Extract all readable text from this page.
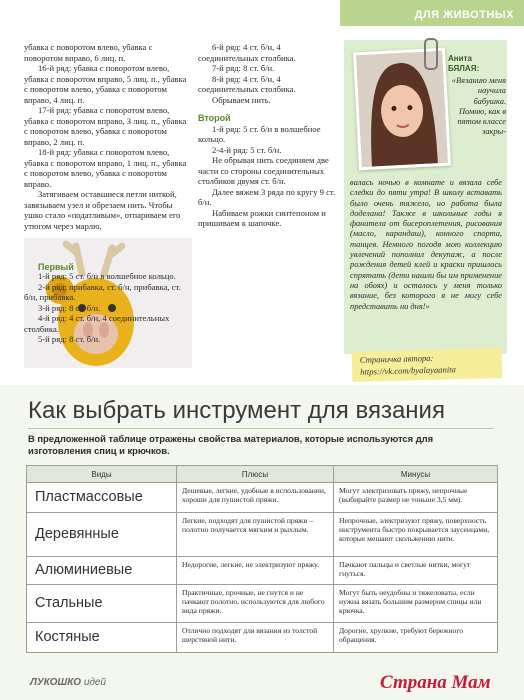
ДЛЯ ЖИВОТНЫХ

убавка с поворотом влево, убавка с поворотом вправо, 6 лиц. п.

16-й ряд: убавка с поворотом влево, убавка с поворотом вправо, 5 лиц. п., убавка с поворотом влево, убавка с поворотом вправо, 4 лиц. п.

17-й ряд: убавка с поворотом влево, убавка с поворотом вправо, 3 лиц. п., убавка с поворотом влево, убавка с поворотом вправо, 2 лиц. п.

18-й ряд: убавка с поворотом влево, убавка с поворотом вправо, 1 лиц. п., убавка с поворотом влево, убавка с поворотом вправо.

Затягиваем оставшиеся петли ниткой, завязываем узел и обрезаем нить. Чтобы ушко стало «податливым», отпариваем его утюгом через марлю.

Первый

1-й ряд: 5 ст. б/н в волшебное кольцо.

2-й ряд: прибавка, ст. б/н, прибавка, ст. б/н, прибавка.

3-й ряд: 8 ст. б/н.

4-й ряд: 4 ст. б/н, 4 соединительных столбика.

5-й ряд: 8 ст. б/н.

6-й ряд: 4 ст. б/н, 4 соединительных столбика.

7-й ряд: 8 ст. б/н.

8-й ряд: 4 ст. б/н, 4 соединительных столбика.

Обрываем нить.

Второй

1-й ряд: 5 ст. б/н в волшебное кольцо.

2-4-й ряд: 5 ст. б/н.

Не обрывая нить соединяем две части со стороны соединительных столбиков двумя ст. б/н.

Далее вяжем 3 ряда по кругу 9 ст. б/н.

Набиваем рожки синтепоном и пришиваем к шапочке.

Анита
БЯЛАЯ:
«Вязанию меня научила бабушка. Помню, как в пятом классе закры-
валась ночью в комнате и вязала себе следки до пяти утра! В школу вставать было очень тяжело, но работа была доделана! Также в школьные годы я фанатела от бисероплетения, рисования (масло, карандаш), конного спорта, танцев. Немного погодя мою коллекцию увлечений пополнил декупаж, а после рождения детей клей и краски пришлось спрятать (дети нашли бы им применение на обоях) и осталось у меня только вязание, без которого я не могу себе представить ни дня!»
Страничка автора:
https://vk.com/byalayaanita
Как выбрать инструмент для вязания
В предложенной таблице отражены свойства материалов, которые используются для изготовления спиц и крючков.
Виды	Плюсы	Минусы
Пластмассовые	Дешевые, легкие, удобные в использовании, хороши для пушистой пряжи.	Могут электризовать пряжу, непрочные (выбирайте размер не тоньше 3,5 мм).
Деревянные	Легкие, подходят для пушистой пряжи – полотно получается мягким и рыхлым.	Непрочные, электризуют пряжу, поверхность инструмента быстро покрывается заусенцами, которые мешают скольжению нити.
Алюминиевые	Недорогие, легкие, не электризуют пряжу.	Пачкают пальцы и светлые нитки, могут гнуться.
Стальные	Практичные, прочные, не гнутся и не пачкают полотно, используются для любого вида пряжи.	Могут быть неудобны и тяжеловаты, если нужна вязать большим размером спицы или крючка.
Костяные	Отлично подходят для вязания из толстой шерстяной нити.	Дорогие, хрупкие, требуют бережного обращения.
ЛУКОШКО идей	Страна Мам
